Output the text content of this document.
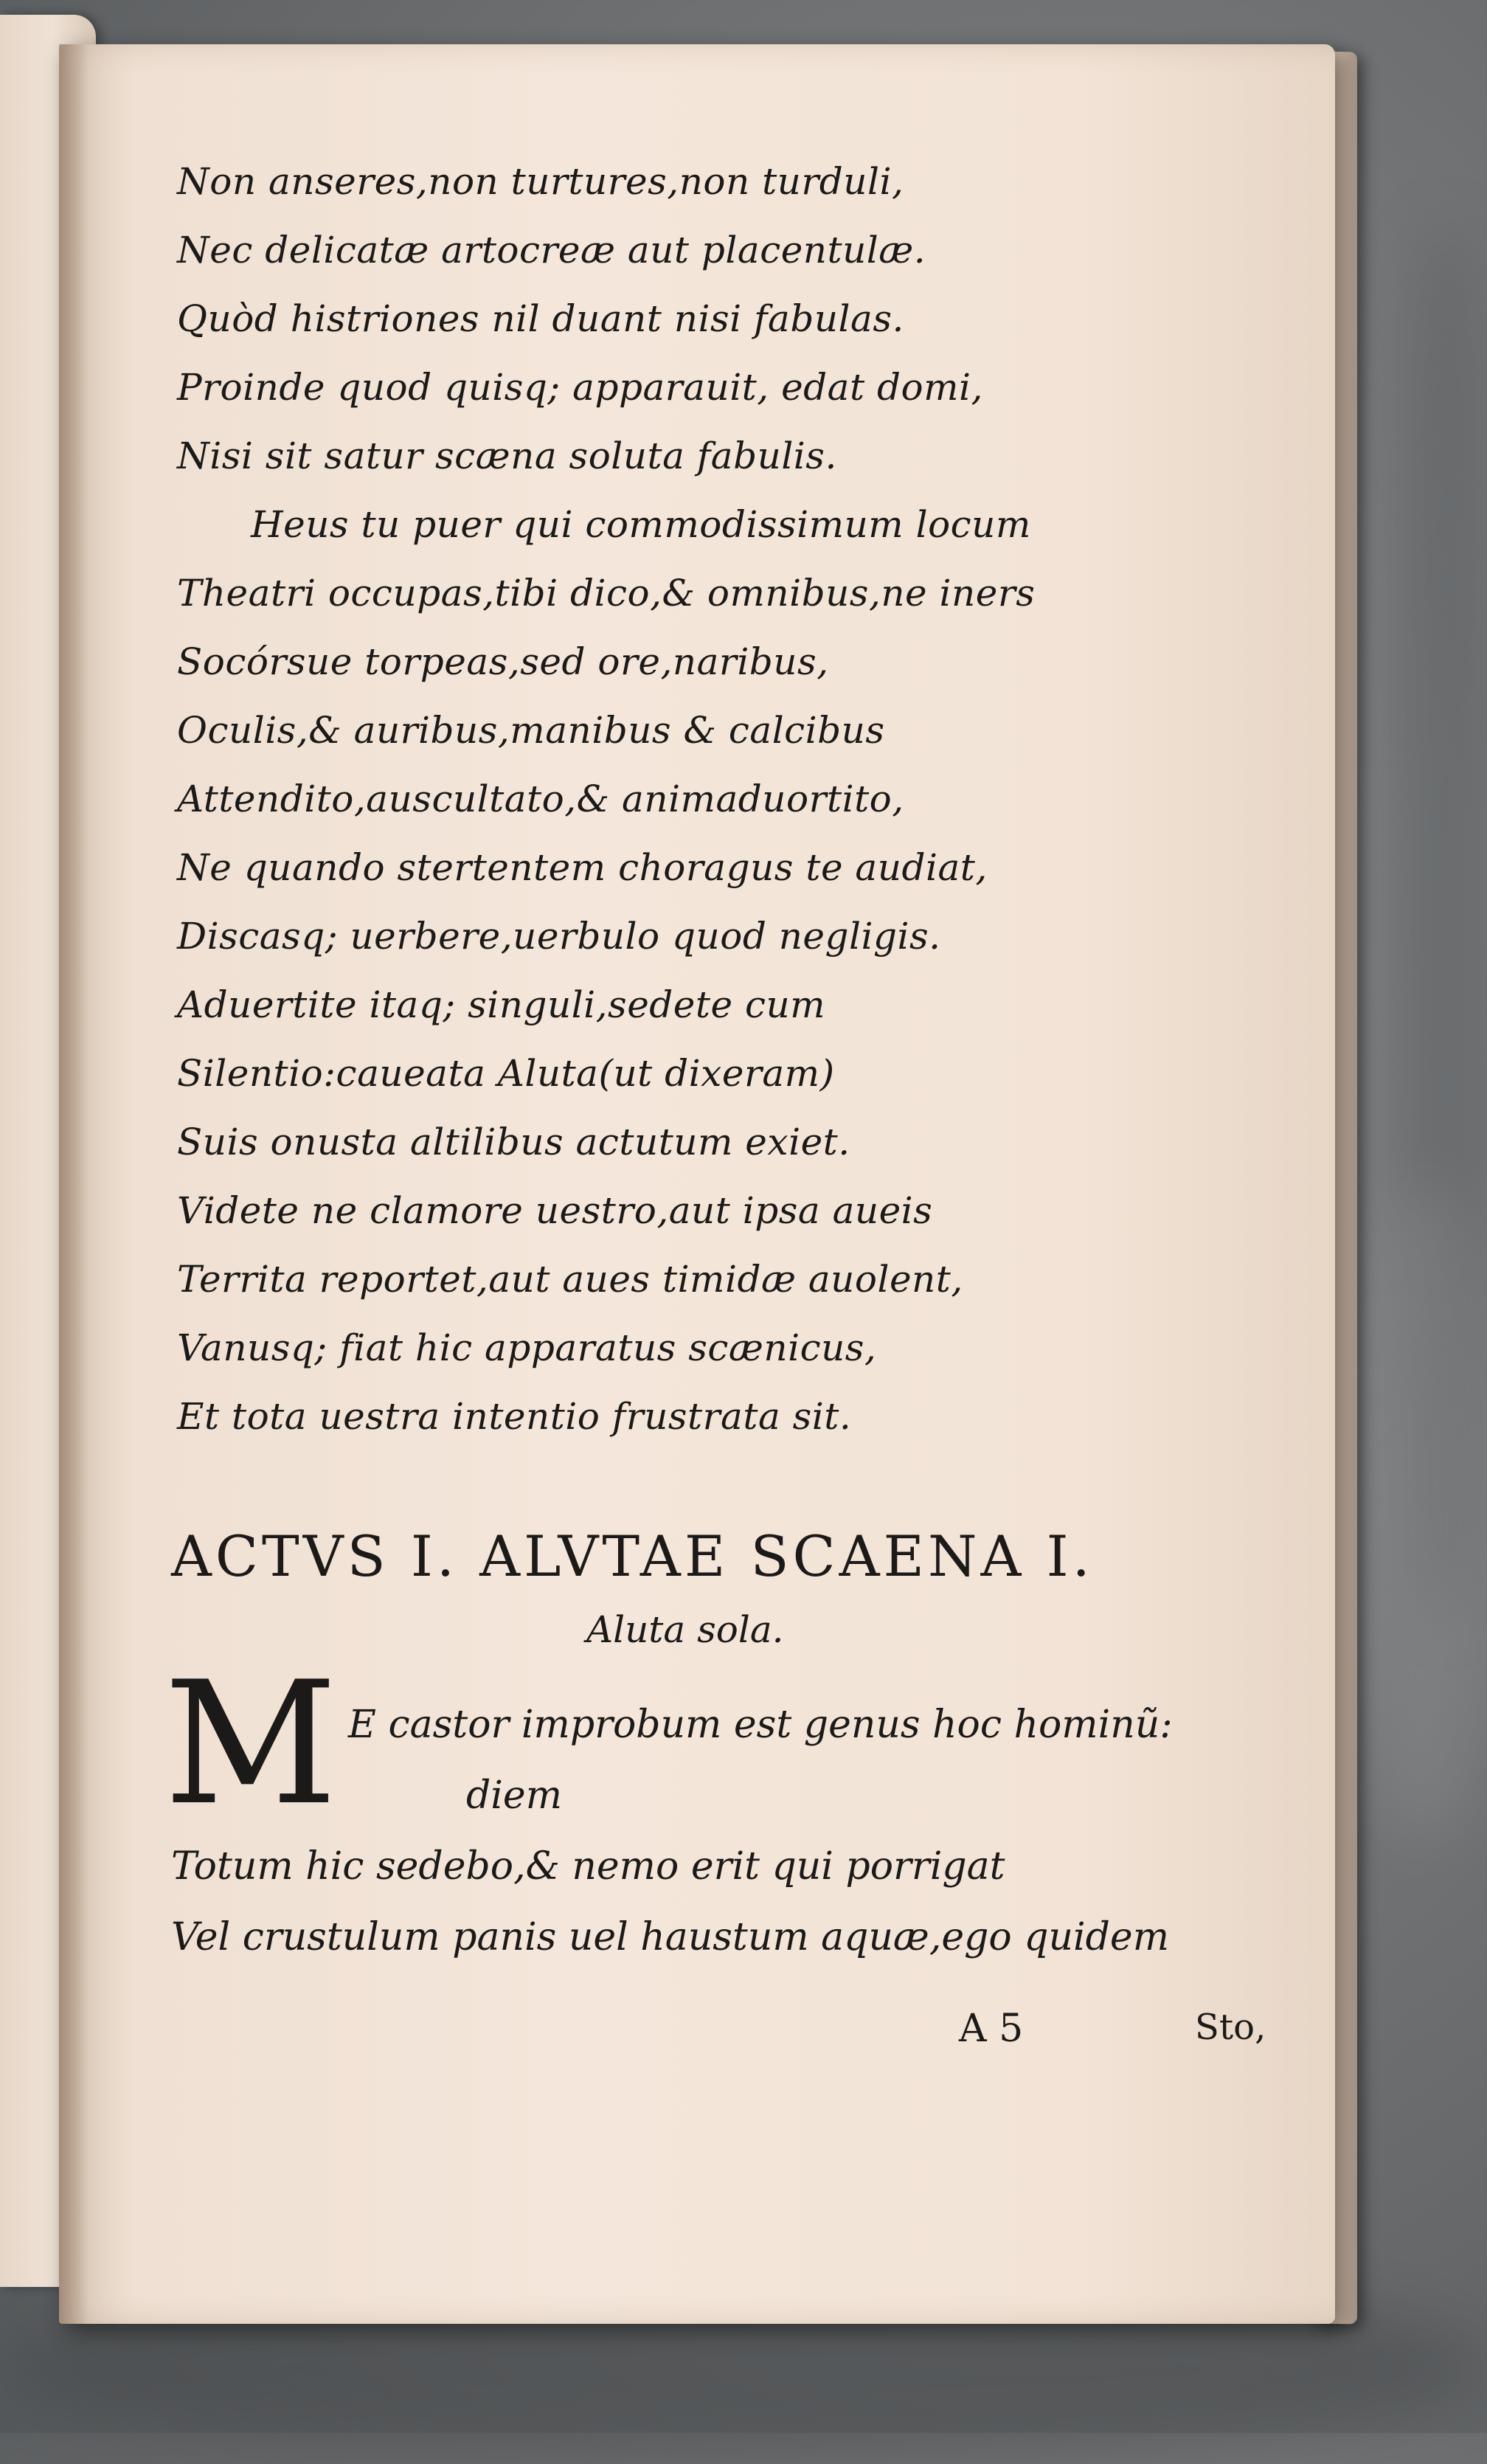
Non anseres,non turtures,non turduli,
Nec delicatæ artocreæ aut placentulæ.
Quòd histriones nil duant nisi fabulas.
Proinde quod quisq; apparauit, edat domi,
Nisi sit satur scæna soluta fabulis.
Heus tu puer qui commodissimum locum
Theatri occupas,tibi dico,& omnibus,ne iners
Socórsue torpeas,sed ore,naribus,
Oculis,& auribus,manibus & calcibus
Attendito,auscultato,& animaduortito,
Ne quando stertentem choragus te audiat,
Discasq; uerbere,uerbulo quod negligis.
Aduertite itaq; singuli,sedete cum
Silentio:caueata Aluta(ut dixeram)
Suis onusta altilibus actutum exiet.
Videte ne clamore uestro,aut ipsa aueis
Territa reportet,aut aues timidæ auolent,
Vanusq; fiat hic apparatus scænicus,
Et tota uestra intentio frustrata sit.
ACTVS I. ALVTAE SCAENA I.
Aluta sola.
M E castor improbum est genus hoc hominũ:
diem
Totum hic sedebo,& nemo erit qui porrigat
Vel crustulum panis uel haustum aquæ,ego quidem
A 5	Sto,
